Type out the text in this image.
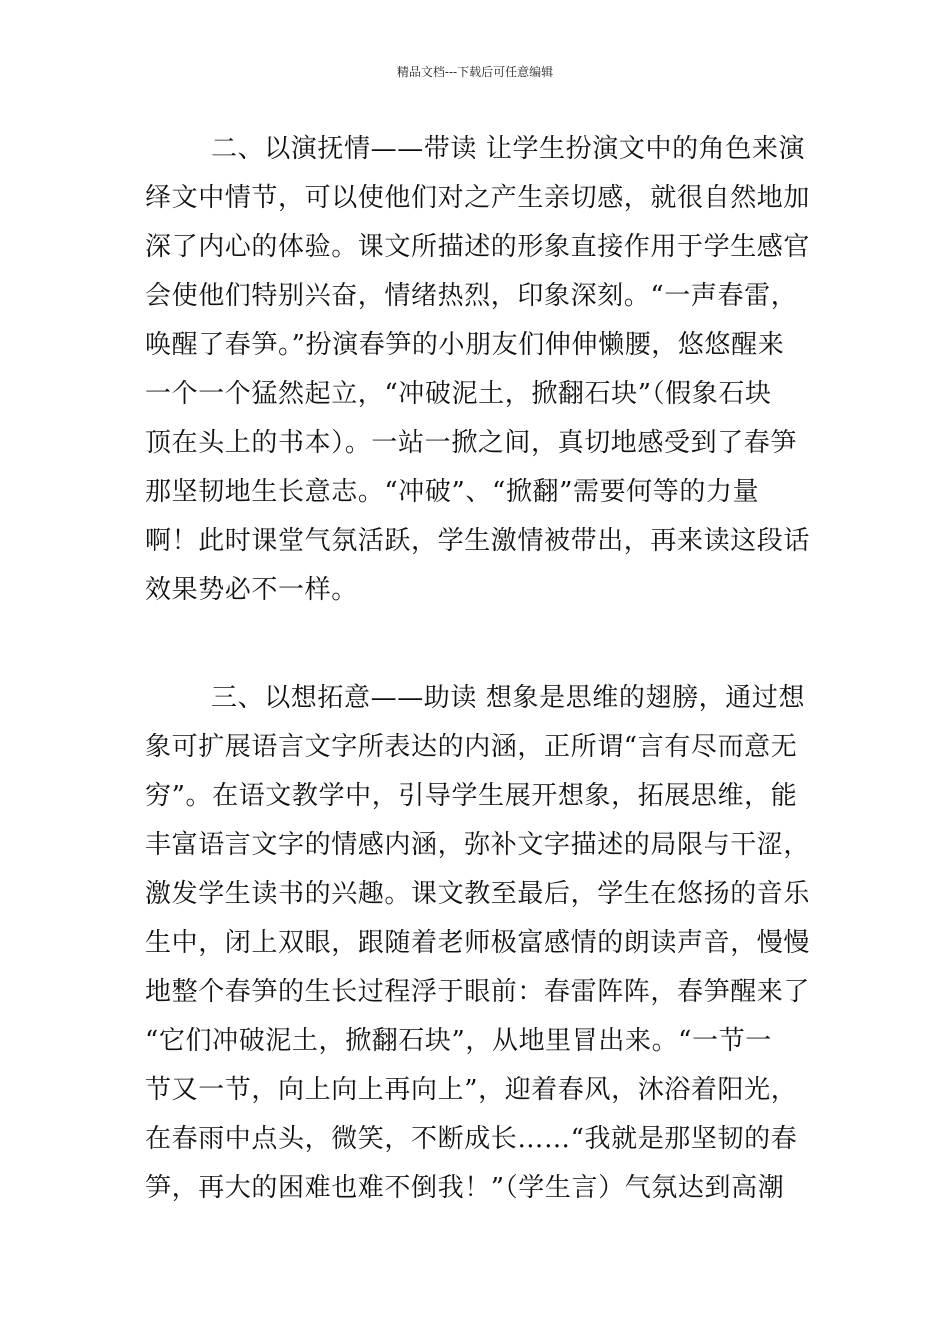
精品文档---下载后可任意编辑
二、以演抚情——带读 让学生扮演文中的角色来演
绎文中情节，可以使他们对之产生亲切感，就很自然地加
深了内心的体验。课文所描述的形象直接作用于学生感官
会使他们特别兴奋，情绪热烈，印象深刻。“一声春雷，
唤醒了春笋。”扮演春笋的小朋友们伸伸懒腰，悠悠醒来
一个一个猛然起立，“冲破泥土，掀翻石块”（假象石块
顶在头上的书本）。一站一掀之间，真切地感受到了春笋
那坚韧地生长意志。“冲破”、“掀翻”需要何等的力量
啊！此时课堂气氛活跃，学生激情被带出，再来读这段话
效果势必不一样。
三、以想拓意——助读 想象是思维的翅膀，通过想
象可扩展语言文字所表达的内涵，正所谓“言有尽而意无
穷”。在语文教学中，引导学生展开想象，拓展思维，能
丰富语言文字的情感内涵，弥补文字描述的局限与干涩，
激发学生读书的兴趣。课文教至最后，学生在悠扬的音乐
生中，闭上双眼，跟随着老师极富感情的朗读声音，慢慢
地整个春笋的生长过程浮于眼前：春雷阵阵，春笋醒来了
“它们冲破泥土，掀翻石块”，从地里冒出来。“一节一
节又一节，向上向上再向上”，迎着春风，沐浴着阳光，
在春雨中点头，微笑，不断成长……“我就是那坚韧的春
笋，再大的困难也难不倒我！”（学生言）气氛达到高潮
